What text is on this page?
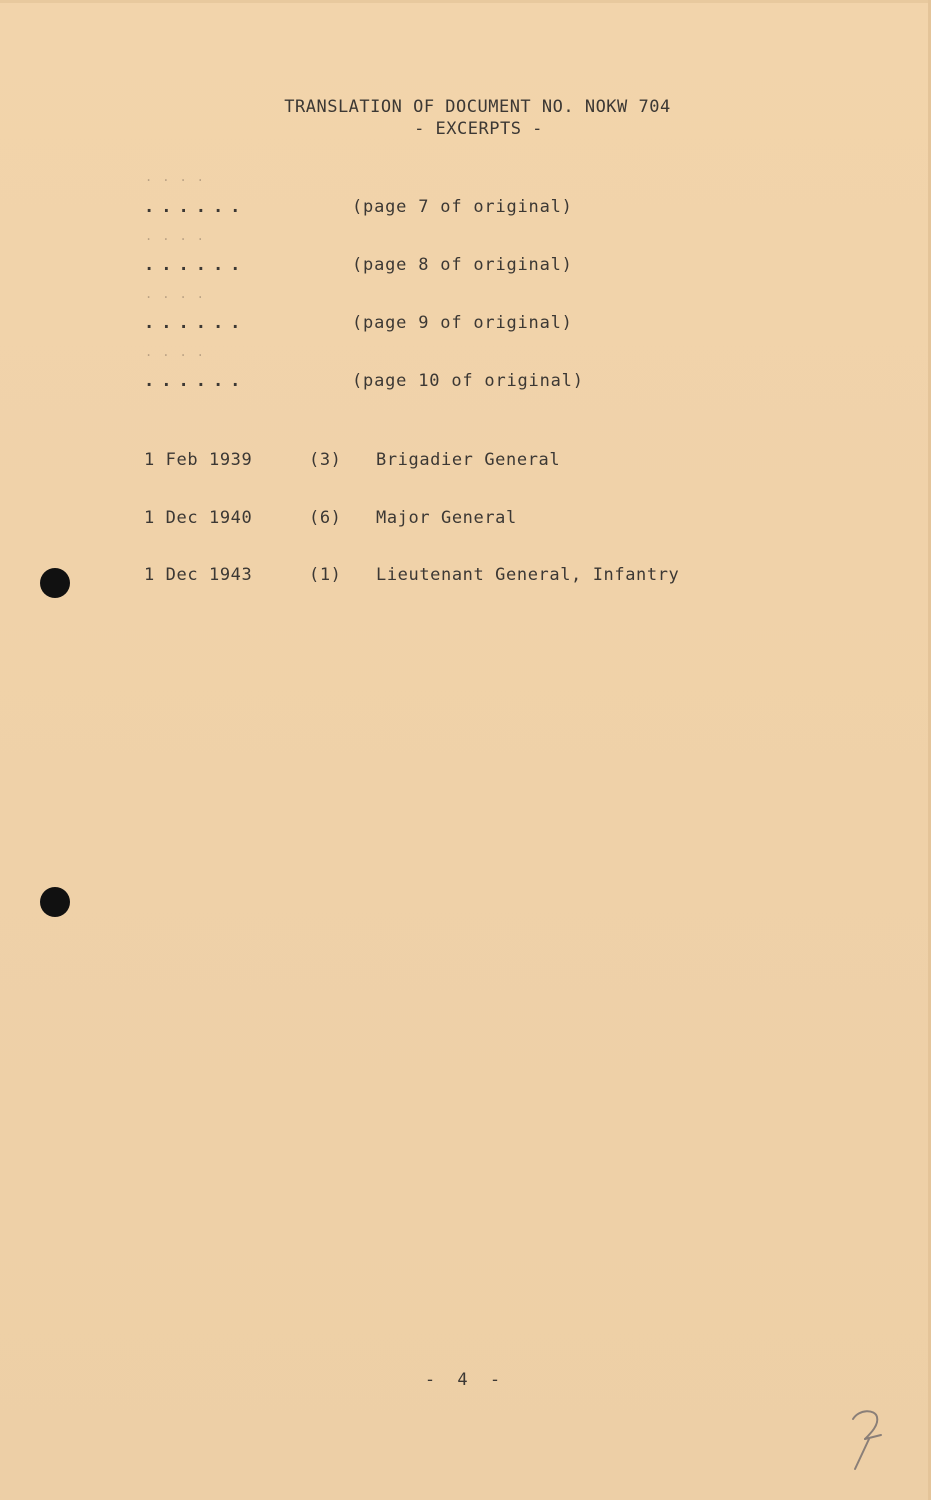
TRANSLATION OF DOCUMENT NO. NOKW 704
- EXCERPTS -
....
......	(page 7 of original)
....
......	(page 8 of original)
....
......	(page 9 of original)
....
......	(page 10 of original)
1 Feb 1939	(3) Brigadier General
1 Dec 1940	(6) Major General
1 Dec 1943	(1) Lieutenant General, Infantry
- 4 -
